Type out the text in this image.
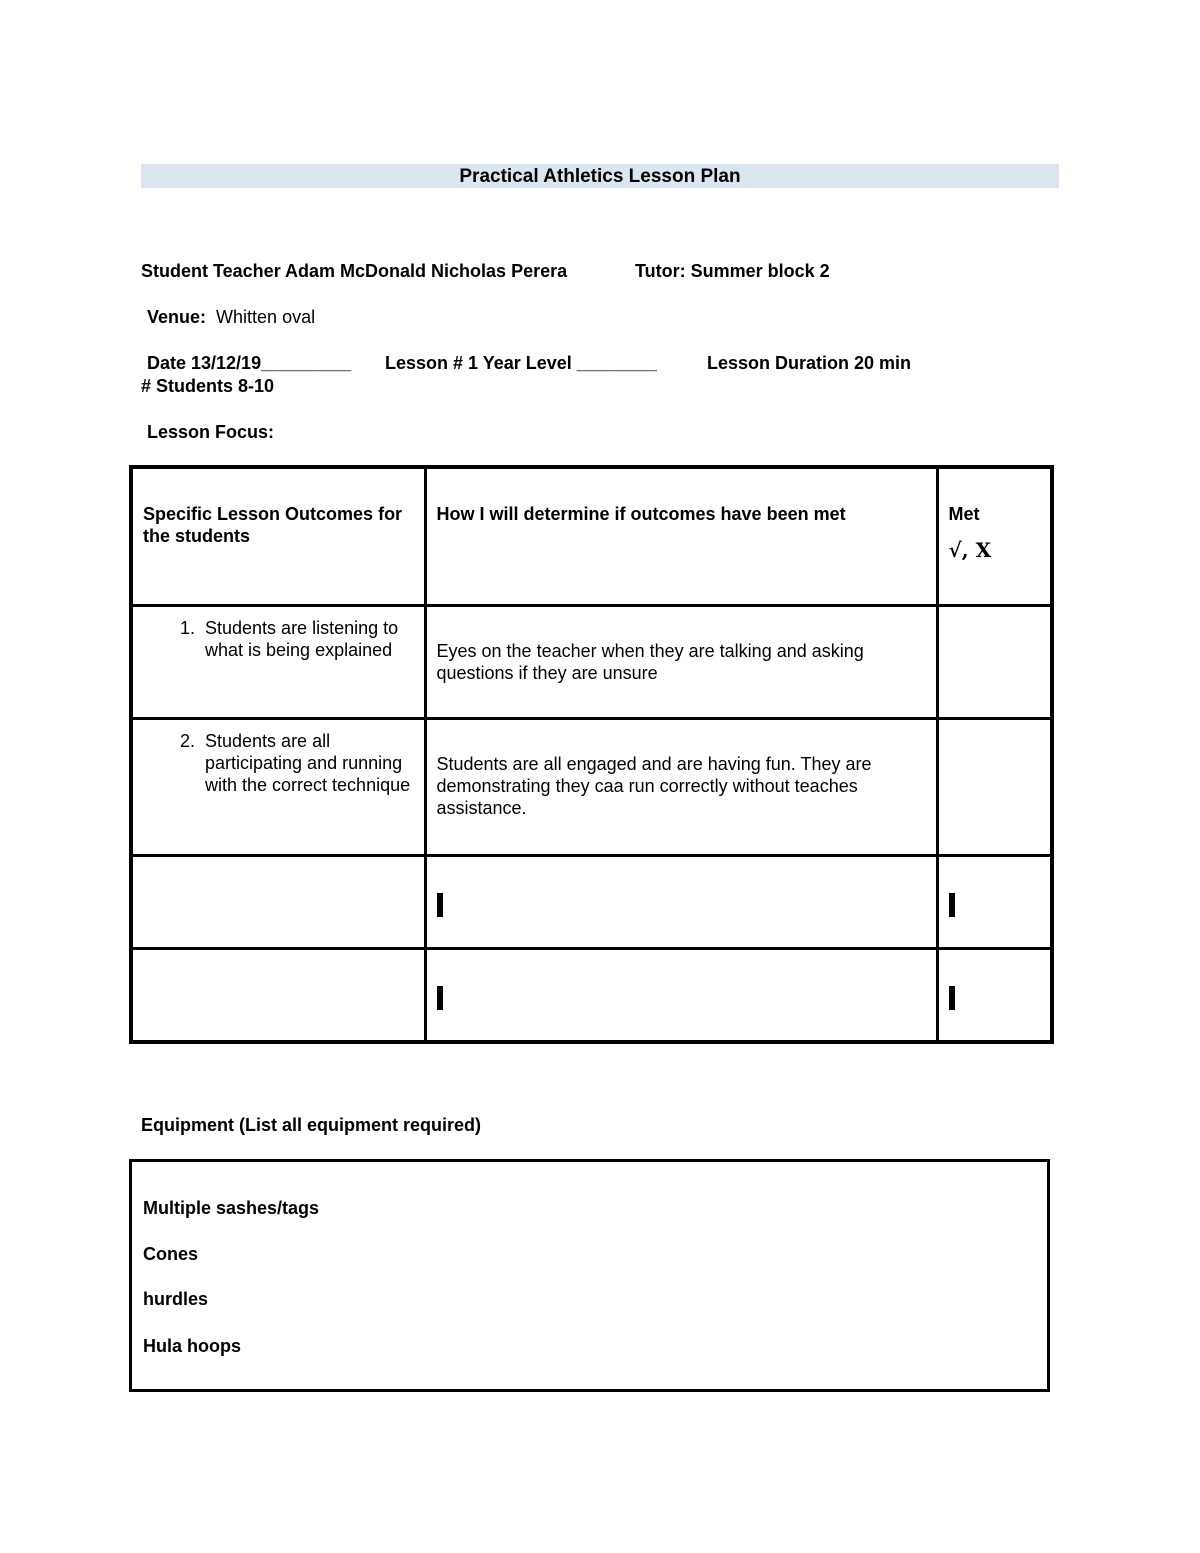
Practical Athletics Lesson Plan
Student Teacher Adam McDonald Nicholas Perera	Tutor: Summer block 2
Venue: Whitten oval
Date 13/12/19_________ Lesson # 1 Year Level ________	Lesson Duration 20 min
# Students 8-10
Lesson Focus:
Specific Lesson Outcomes for the students	How I will determine if outcomes have been met	Met
√, X

1. Students are listening to what is being explained	Eyes on the teacher when they are talking and asking questions if they are unsure	

2. Students are all participating and running with the correct technique	Students are all engaged and are having fun. They are demonstrating they caa run correctly without teaches assistance.	

Equipment (List all equipment required)
Multiple sashes/tags
Cones
hurdles
Hula hoops
